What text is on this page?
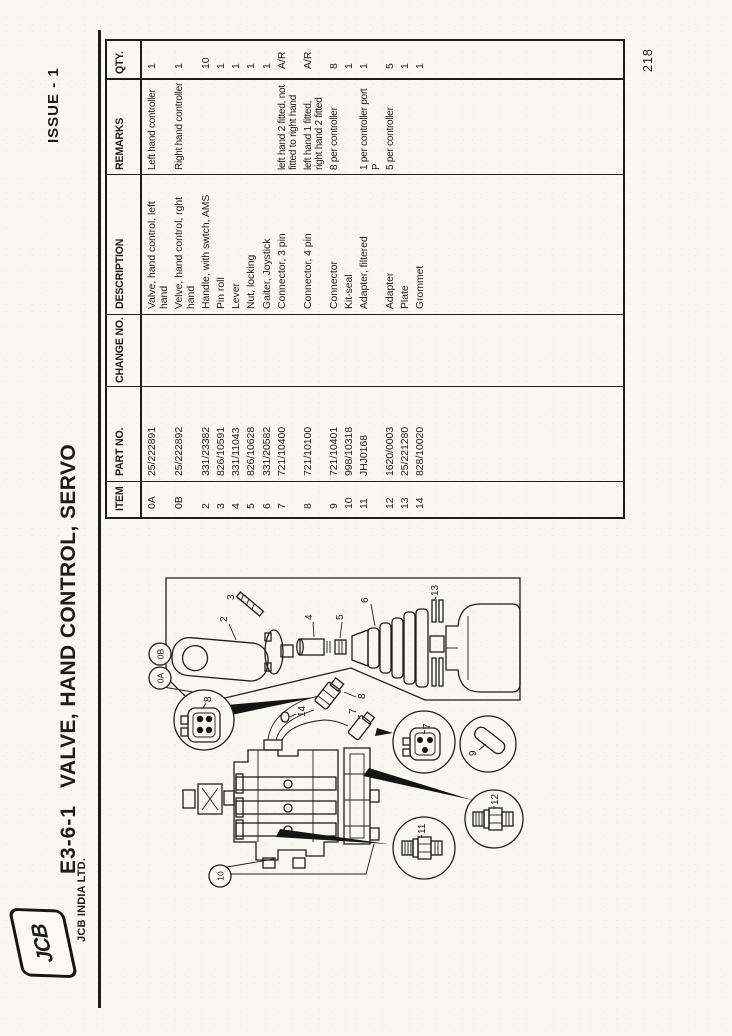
JCB
JCB INDIA LTD.
E3-6-1
VALVE, HAND CONTROL, SERVO
ISSUE - 1
218
0A
0B
2
3
4 5
6
13
10
14
8
7
8
7
9
12
11
ITEM
PART NO.
CHANGE NO.
DESCRIPTION
REMARKS
QTY.
0A
25/222891
Valve, hand control, left hand
Left hand controller
1
0B
25/222892
Velve, hand control, rght hand
Right hand controller
1
2
331/23382
Handle, with swtch, AMS
10
3
826/10591
Pin roll
1
4
331/11043
Lever
1
5
826/10628
Nut, locking
1
6
331/20582
Gaiter, Joystick
1
7
721/10400
Connector, 3 pin
left hand 2 fitted, not fitted to right hand
A/R
8
721/10100
Connector, 4 pin
left hand 1 fitted, right hand 2 fitted
A/R
9
721/10401
Connector
8 per controller
8
10
998/10318
Kit-seal
1
11
JHJ0168
Adapter, filtered
1 per controller port P
1
12
1620/0003
Adapter
5 per controller
5
13
25/221280
Plate
1
14
828/10020
Grommet
1
